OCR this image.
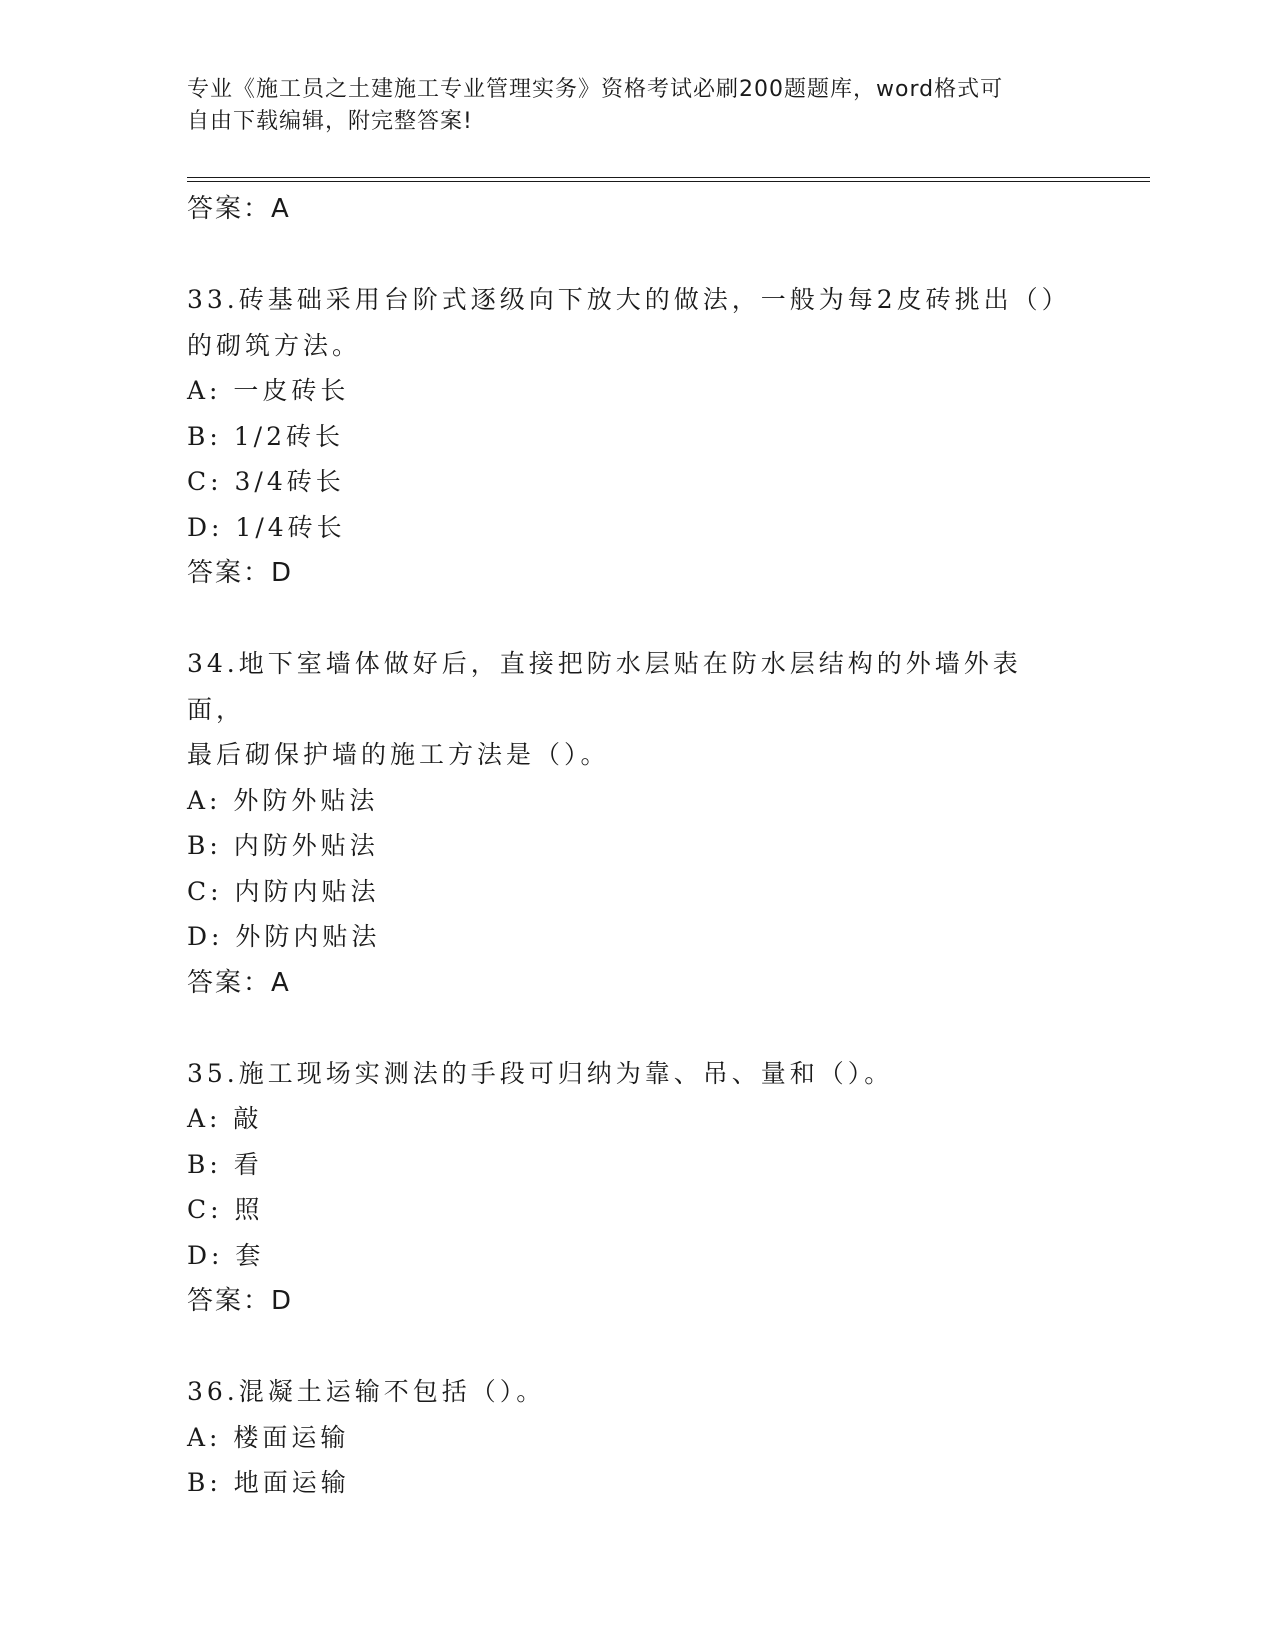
专业《施工员之土建施工专业管理实务》资格考试必刷200题题库，word格式可
自由下载编辑，附完整答案!
答案：A
33.砖基础采用台阶式逐级向下放大的做法，一般为每2皮砖挑出（）
的砌筑方法。
A: 一皮砖长
B: 1/2砖长
C: 3/4砖长
D: 1/4砖长
答案：D
34.地下室墙体做好后，直接把防水层贴在防水层结构的外墙外表面，
最后砌保护墙的施工方法是（）。
A: 外防外贴法
B: 内防外贴法
C: 内防内贴法
D: 外防内贴法
答案：A
35.施工现场实测法的手段可归纳为靠、吊、量和（）。
A: 敲
B: 看
C: 照
D: 套
答案：D
36.混凝土运输不包括（）。
A: 楼面运输
B: 地面运输
